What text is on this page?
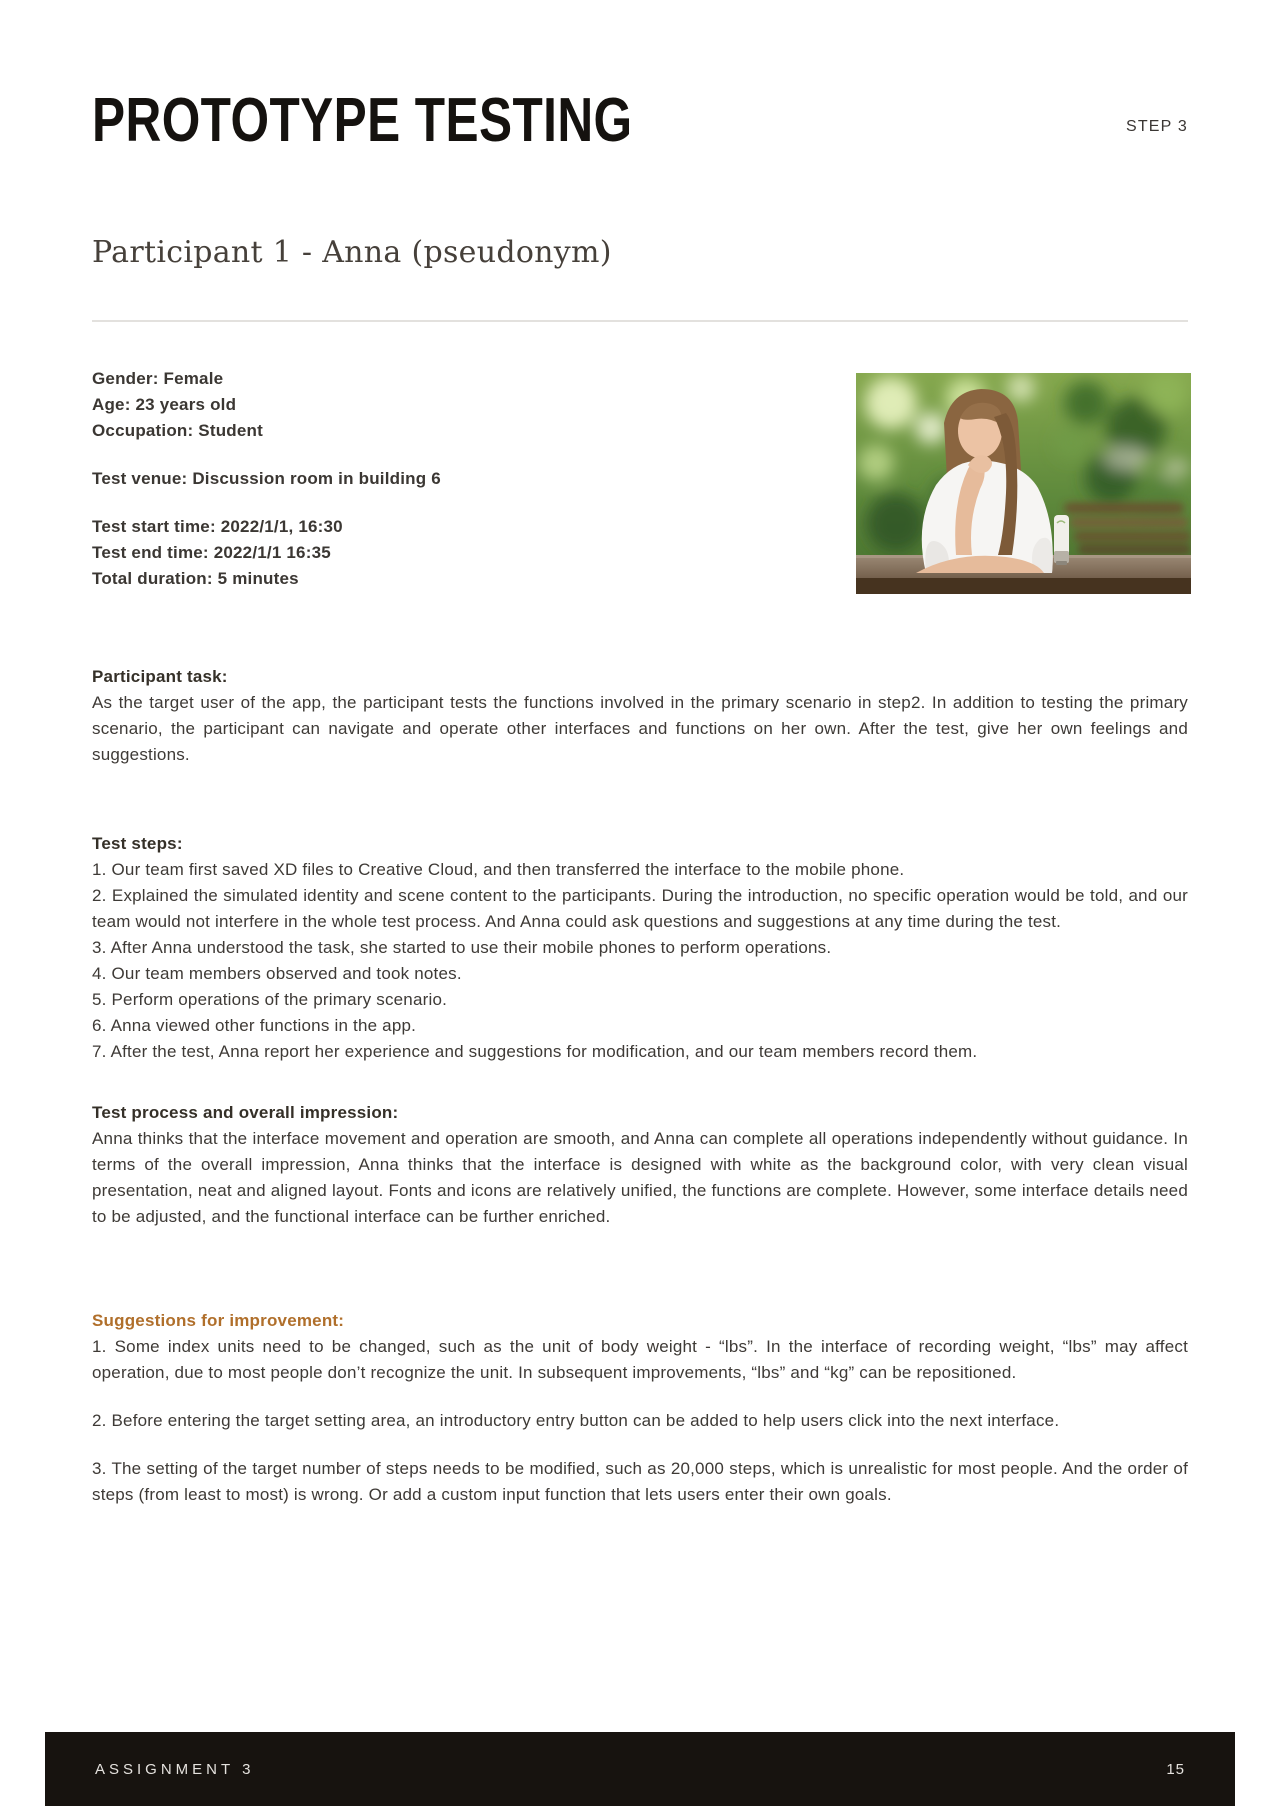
STEP 3
PROTOTYPE TESTING
Participant 1 - Anna (pseudonym)
Gender: Female
Age: 23 years old
Occupation: Student
Test venue: Discussion room in building 6
Test start time: 2022/1/1, 16:30
Test end time: 2022/1/1 16:35
Total duration: 5 minutes
Participant task:

As the target user of the app, the participant tests the functions involved in the primary scenario in step2. In addition to testing the primary scenario, the participant can navigate and operate other interfaces and functions on her own. After the test, give her own feelings and suggestions.

Test steps:
1. Our team first saved XD files to Creative Cloud, and then transferred the interface to the mobile phone.
2. Explained the simulated identity and scene content to the participants. During the introduction, no specific operation would be told, and our team would not interfere in the whole test process. And Anna could ask questions and suggestions at any time during the test.
3. After Anna understood the task, she started to use their mobile phones to perform operations.
4. Our team members observed and took notes.
5. Perform operations of the primary scenario.
6. Anna viewed other functions in the app.
7. After the test, Anna report her experience and suggestions for modification, and our team members record them.
Test process and overall impression:

Anna thinks that the interface movement and operation are smooth, and Anna can complete all operations independently without guidance. In terms of the overall impression, Anna thinks that the interface is designed with white as the background color, with very clean visual presentation, neat and aligned layout. Fonts and icons are relatively unified, the functions are complete. However, some interface details need to be adjusted, and the functional interface can be further enriched.

Suggestions for improvement:

1. Some index units need to be changed, such as the unit of body weight - “lbs”. In the interface of recording weight, “lbs” may affect operation, due to most people don’t recognize the unit. In subsequent improvements, “lbs” and “kg” can be repositioned.

2. Before entering the target setting area, an introductory entry button can be added to help users click into the next interface.

3. The setting of the target number of steps needs to be modified, such as 20,000 steps, which is unrealistic for most people. And the order of steps (from least to most) is wrong. Or add a custom input function that lets users enter their own goals.

ASSIGNMENT 3	15
